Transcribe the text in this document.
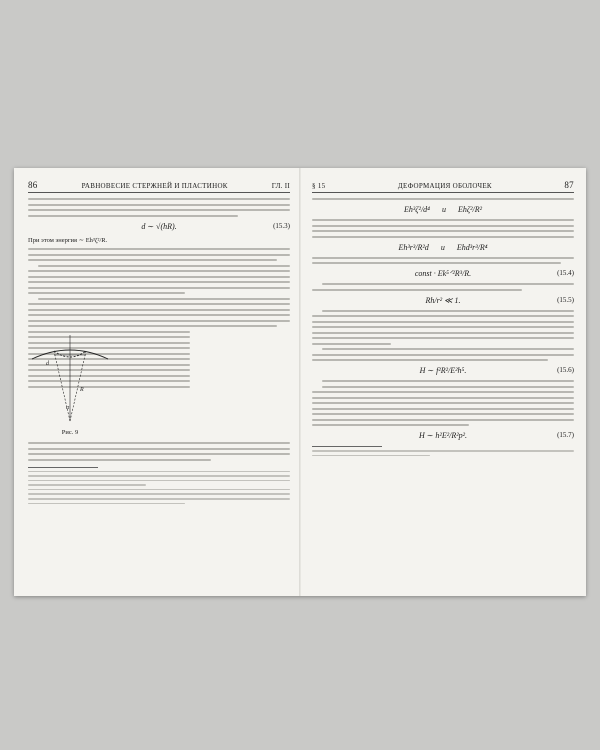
86	РАВНОВЕСИЕ СТЕРЖНЕЙ И ПЛАСТИНОК	ГЛ. II
d ∼ √(hR).	(15.3)
При этом энергия ∼ Eh³ζ²/R.
d
R
α
Рис. 9
§ 15	ДЕФОРМАЦИЯ ОБОЛОЧЕК	87
Eh³ζ²/d⁴ и Ehζ²/R²
Eh³r³/R²d и Ehd³r³/R⁴
const · Ek⁵ᐟ²R³/R.	(15.4)
Rh/r² ≪ 1.	(15.5)
H ∼ f²R²/E²h⁵.	(15.6)
H ∼ h²E²/R²p².	(15.7)
